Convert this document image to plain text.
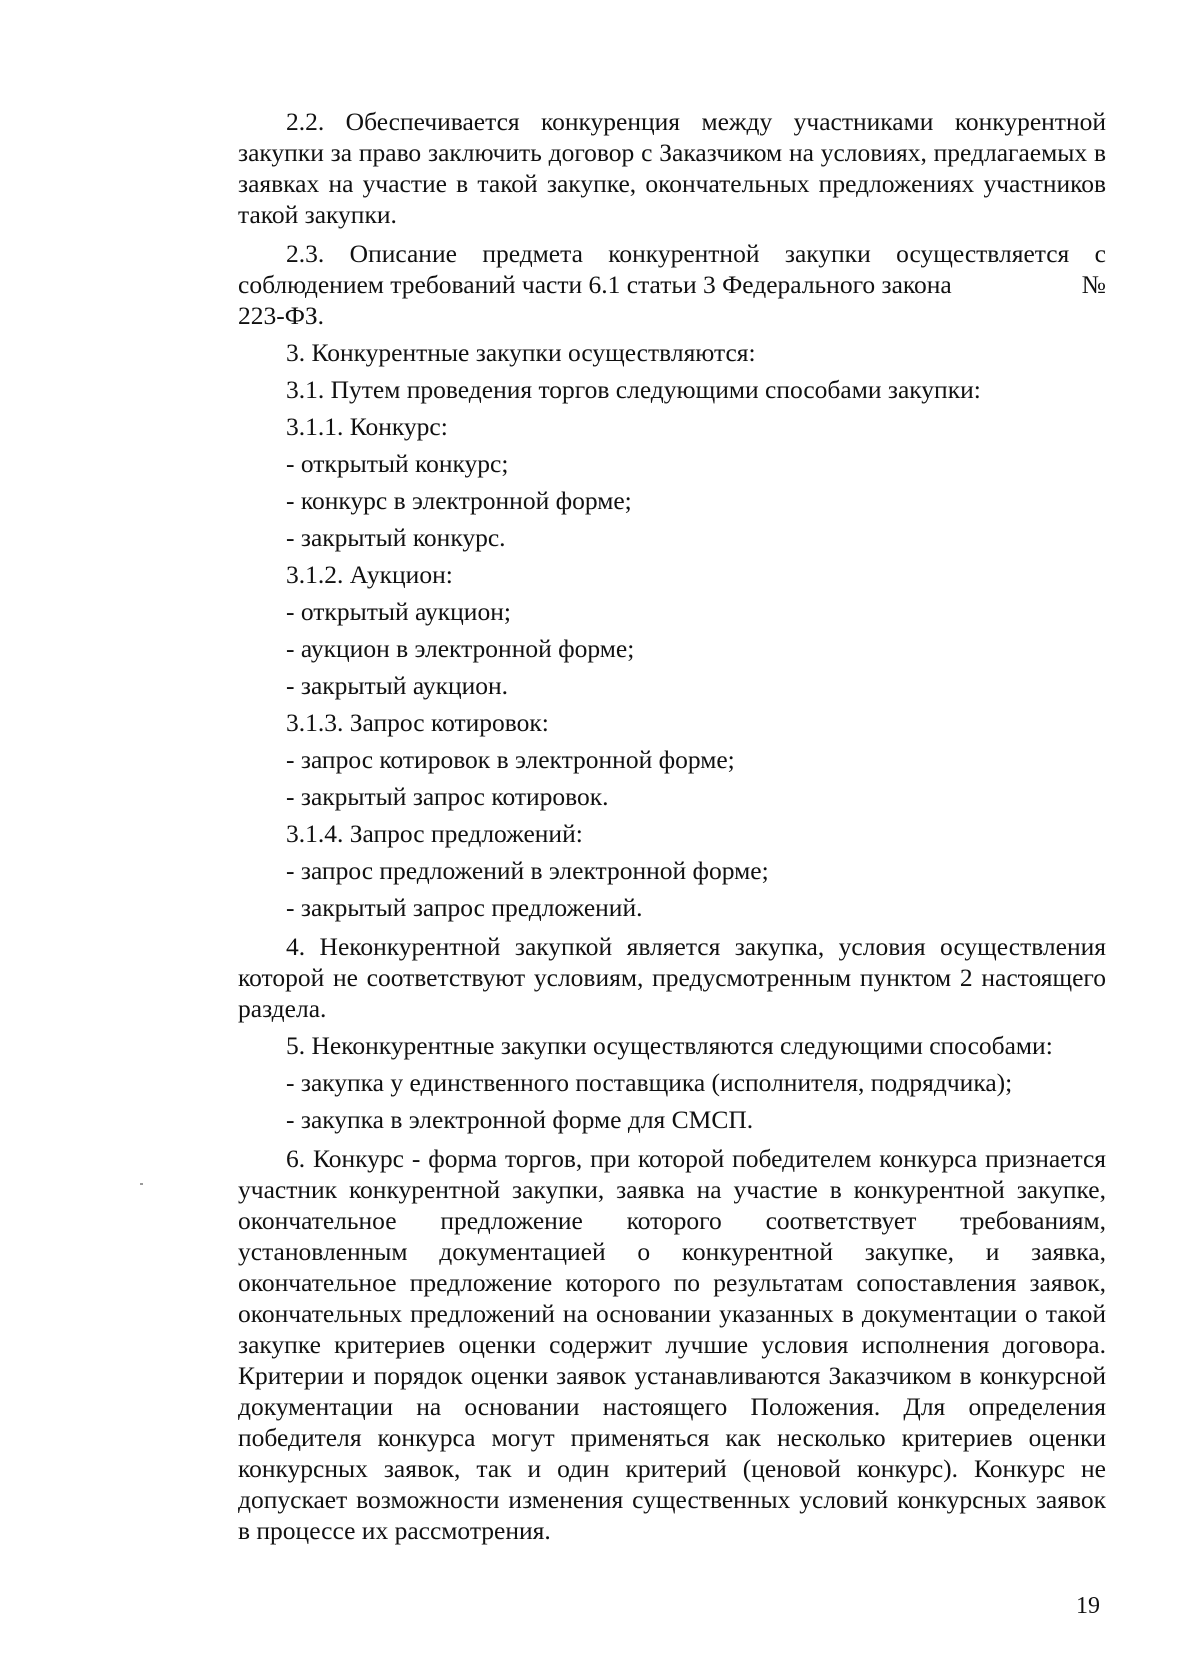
2.2. Обеспечивается конкуренция между участниками конкурентной закупки за право заключить договор с Заказчиком на условиях, предлагаемых в заявках на участие в такой закупке, окончательных предложениях участников такой закупки.

2.3. Описание предмета конкурентной закупки осуществляется с соблюдением требований части 6.1 статьи 3 Федерального закона	№

223-ФЗ.

3. Конкурентные закупки осуществляются:

3.1. Путем проведения торгов следующими способами закупки:

3.1.1. Конкурс:

- открытый конкурс;

- конкурс в электронной форме;

- закрытый конкурс.

3.1.2. Аукцион:

- открытый аукцион;

- аукцион в электронной форме;

- закрытый аукцион.

3.1.3. Запрос котировок:

- запрос котировок в электронной форме;

- закрытый запрос котировок.

3.1.4. Запрос предложений:

- запрос предложений в электронной форме;

- закрытый запрос предложений.

4. Неконкурентной закупкой является закупка, условия осуществления которой не соответствуют условиям, предусмотренным пунктом 2 настоящего раздела.

5. Неконкурентные закупки осуществляются следующими способами:

- закупка у единственного поставщика (исполнителя, подрядчика);

- закупка в электронной форме для СМСП.

6. Конкурс - форма торгов, при которой победителем конкурса признается участник конкурентной закупки, заявка на участие в конкурентной закупке, окончательное предложение которого соответствует требованиям, установленным документацией о конкурентной закупке, и заявка, окончательное предложение которого по результатам сопоставления заявок, окончательных предложений на основании указанных в документации о такой закупке критериев оценки содержит лучшие условия исполнения договора. Критерии и порядок оценки заявок устанавливаются Заказчиком в конкурсной документации на основании настоящего Положения. Для определения победителя конкурса могут применяться как несколько критериев оценки конкурсных заявок, так и один критерий (ценовой конкурс). Конкурс не допускает возможности изменения существенных условий конкурсных заявок в процессе их рассмотрения.

19
